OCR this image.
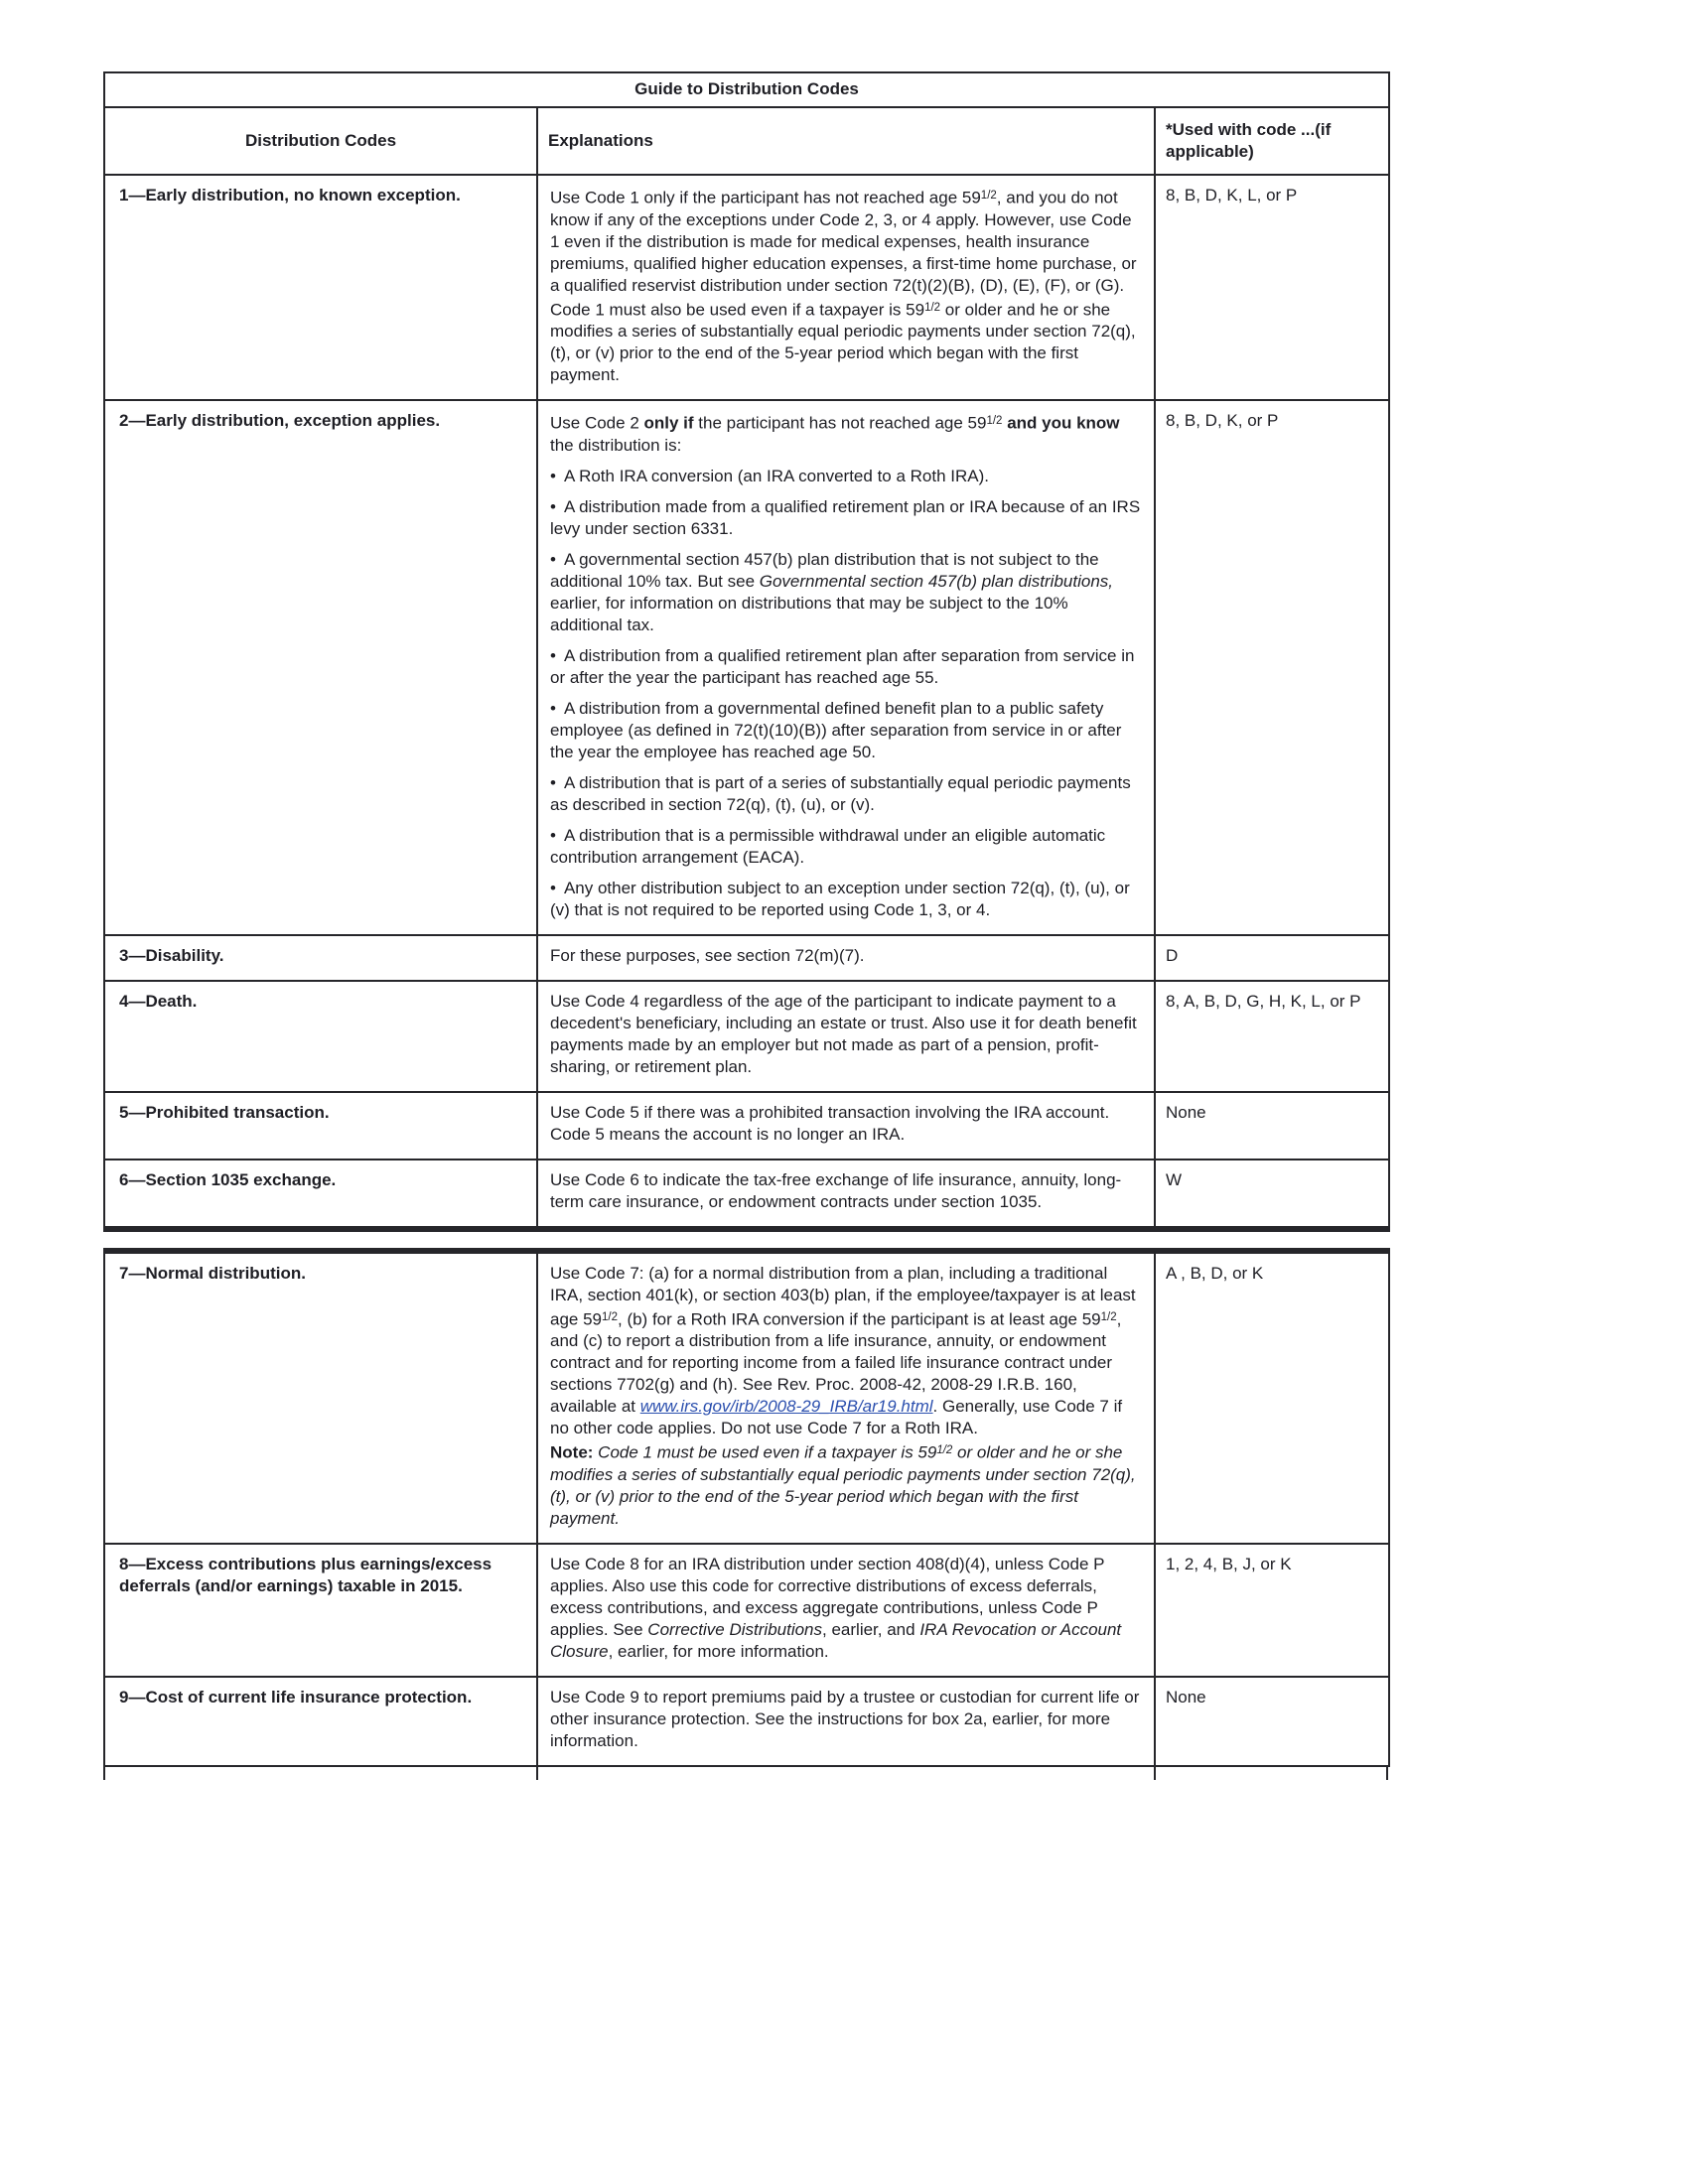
Guide to Distribution Codes		
Distribution Codes	Explanations	*Used with code ...(if applicable)
1—Early distribution, no known exception.	Use Code 1 only if the participant has not reached age $59^{1/2}$, and you do not know if any of the exceptions under Code 2, 3, or 4 apply. However, use Code 1 even if the distribution is made for medical expenses, health insurance premiums, qualified higher education expenses, a first-time home purchase, or a qualified reservist distribution under section 72(t)(2)(B), (D), (E), (F), or (G). Code 1 must also be used even if a taxpayer is $59^{1/2}$ or older and he or she modifies a series of substantially equal periodic payments under section 72(q), (t), or (v) prior to the end of the 5-year period which began with the first payment.	8, B, D, K, L, or P
2—Early distribution, exception applies.	Use Code 2 only if the participant has not reached age $59^{1/2}$ and you know the distribution is:
• A Roth IRA conversion (an IRA converted to a Roth IRA).
• A distribution made from a qualified retirement plan or IRA because of an IRS levy under section 6331.
• A governmental section 457(b) plan distribution that is not subject to the additional 10% tax. But see Governmental section 457(b) plan distributions, earlier, for information on distributions that may be subject to the 10% additional tax.
• A distribution from a qualified retirement plan after separation from service in or after the year the participant has reached age 55.
• A distribution from a governmental defined benefit plan to a public safety employee (as defined in 72(t)(10)(B)) after separation from service in or after the year the employee has reached age 50.
• A distribution that is part of a series of substantially equal periodic payments as described in section 72(q), (t), (u), or (v).
• A distribution that is a permissible withdrawal under an eligible automatic contribution arrangement (EACA).
• Any other distribution subject to an exception under section 72(q), (t), (u), or (v) that is not required to be reported using Code 1, 3, or 4.
	8, B, D, K, or P
3—Disability.	For these purposes, see section 72(m)(7).	D
4—Death.	Use Code 4 regardless of the age of the participant to indicate payment to a decedent's beneficiary, including an estate or trust. Also use it for death benefit payments made by an employer but not made as part of a pension, profit-sharing, or retirement plan.	8, A, B, D, G, H, K, L, or P
5—Prohibited transaction.	Use Code 5 if there was a prohibited transaction involving the IRA account. Code 5 means the account is no longer an IRA.	None
6—Section 1035 exchange.	Use Code 6 to indicate the tax-free exchange of life insurance, annuity, long-term care insurance, or endowment contracts under section 1035.	W
7—Normal distribution.	Use Code 7: (a) for a normal distribution from a plan, including a traditional IRA, section 401(k), or section 403(b) plan, if the employee/taxpayer is at least age $59^{1/2}$, (b) for a Roth IRA conversion if the participant is at least age $59^{1/2}$, and (c) to report a distribution from a life insurance, annuity, or endowment contract and for reporting income from a failed life insurance contract under sections 7702(g) and (h). See Rev. Proc. 2008-42, 2008-29 I.R.B. 160, available at www.irs.gov/irb/2008-29_IRB/ar19.html. Generally, use Code 7 if no other code applies. Do not use Code 7 for a Roth IRA.
Note: Code 1 must be used even if a taxpayer is $59^{1/2}$ or older and he or she modifies a series of substantially equal periodic payments under section 72(q), (t), or (v) prior to the end of the 5-year period which began with the first payment.	A , B, D, or K
8—Excess contributions plus earnings/excess deferrals (and/or earnings) taxable in 2015.	Use Code 8 for an IRA distribution under section 408(d)(4), unless Code P applies. Also use this code for corrective distributions of excess deferrals, excess contributions, and excess aggregate contributions, unless Code P applies. See Corrective Distributions, earlier, and IRA Revocation or Account Closure, earlier, for more information.	1, 2, 4, B, J, or K
9—Cost of current life insurance protection.	Use Code 9 to report premiums paid by a trustee or custodian for current life or other insurance protection. See the instructions for box 2a, earlier, for more information.	None
